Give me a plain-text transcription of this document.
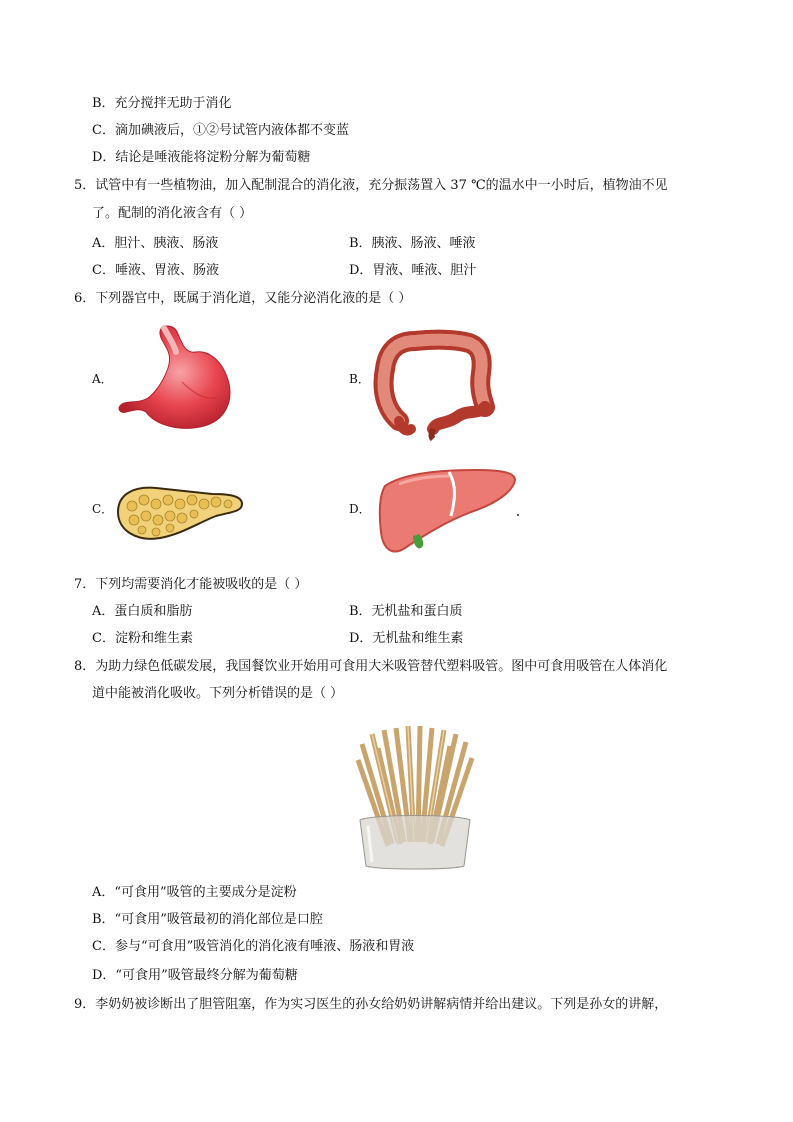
B．充分搅拌无助于消化
C．滴加碘液后，①②号试管内液体都不变蓝
D．结论是唾液能将淀粉分解为葡萄糖
5．试管中有一些植物油，加入配制混合的消化液，充分振荡置入 37 ℃的温水中一小时后，植物油不见
了。配制的消化液含有（ ）
A．胆汁、胰液、肠液	B．胰液、肠液、唾液
C．唾液、胃液、肠液	D．胃液、唾液、胆汁
6．下列器官中，既属于消化道，又能分泌消化液的是（ ）
A．	B．
C．	D．
7．下列均需要消化才能被吸收的是（ ）
A．蛋白质和脂肪	B．无机盐和蛋白质
C．淀粉和维生素	D．无机盐和维生素
8．为助力绿色低碳发展，我国餐饮业开始用可食用大米吸管替代塑料吸管。图中可食用吸管在人体消化
道中能被消化吸收。下列分析错误的是（ ）
A．“可食用”吸管的主要成分是淀粉
B．“可食用”吸管最初的消化部位是口腔
C．参与“可食用”吸管消化的消化液有唾液、肠液和胃液
D．“可食用”吸管最终分解为葡萄糖
9．李奶奶被诊断出了胆管阻塞，作为实习医生的孙女给奶奶讲解病情并给出建议。下列是孙女的讲解，
